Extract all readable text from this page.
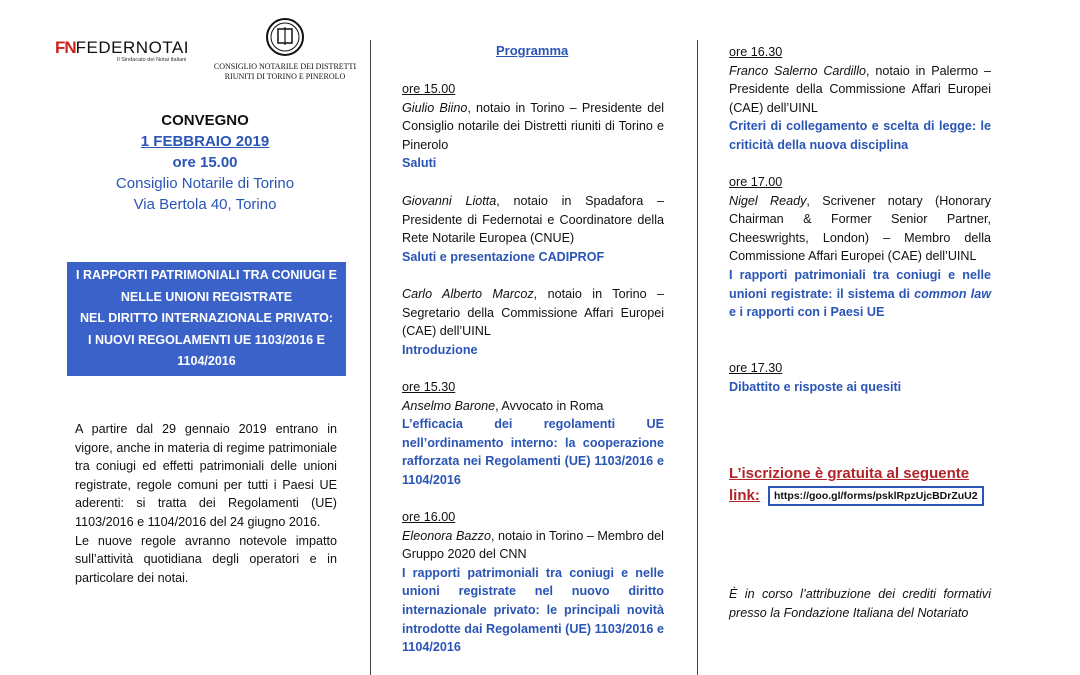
FN FEDERNOTAI
Il Sindacato dei Notai Italiani
CONSIGLIO NOTARILE DEI DISTRETTI
RIUNITI DI TORINO E PINEROLO
CONVEGNO
1 FEBBRAIO 2019
ore 15.00
Consiglio Notarile di Torino
Via Bertola 40, Torino
I RAPPORTI PATRIMONIALI TRA CONIUGI E
NELLE UNIONI REGISTRATE
NEL DIRITTO INTERNAZIONALE PRIVATO:
I NUOVI REGOLAMENTI UE 1103/2016 E
1104/2016

A partire dal 29 gennaio 2019 entrano in vigore, anche in materia di regime patrimoniale tra coniugi ed effetti patrimoniali delle unioni registrate, regole comuni per tutti i Paesi UE aderenti: si tratta dei Regolamenti (UE) 1103/2016 e 1104/2016 del 24 giugno 2016.

Le nuove regole avranno notevole impatto sull’attività quotidiana degli operatori e in particolare dei notai.

Programma
ore 15.00

Giulio Biino, notaio in Torino – Presidente del Consiglio notarile dei Distretti riuniti di Torino e Pinerolo

Saluti

Giovanni Liotta, notaio in Spadafora – Presidente di Federnotai e Coordinatore della Rete Notarile Europea (CNUE)

Saluti e presentazione CADIPROF

Carlo Alberto Marcoz, notaio in Torino – Segretario della Commissione Affari Europei (CAE) dell’UINL

Introduzione
ore 15.30

Anselmo Barone, Avvocato in Roma

L’efficacia dei regolamenti UE nell’ordinamento interno: la cooperazione rafforzata nei Regolamenti (UE) 1103/2016 e 1104/2016
ore 16.00

Eleonora Bazzo, notaio in Torino – Membro del Gruppo 2020 del CNN

I rapporti patrimoniali tra coniugi e nelle unioni registrate nel nuovo diritto internazionale privato: le principali novità introdotte dai Regolamenti (UE) 1103/2016 e 1104/2016
ore 16.30

Franco Salerno Cardillo, notaio in Palermo – Presidente della Commissione Affari Europei (CAE) dell’UINL

Criteri di collegamento e scelta di legge: le criticità della nuova disciplina
ore 17.00

Nigel Ready, Scrivener notary (Honorary Chairman & Former Senior Partner, Cheeswrights, London) – Membro della Commissione Affari Europei (CAE) dell’UINL

I rapporti patrimoniali tra coniugi e nelle unioni registrate: il sistema di common law e i rapporti con i Paesi UE
ore 17.30
Dibattito e risposte ai quesiti
L’iscrizione è gratuita al seguente
link: https://goo.gl/forms/psklRpzUjcBDrZuU2
È in corso l’attribuzione dei crediti formativi presso la Fondazione Italiana del Notariato
